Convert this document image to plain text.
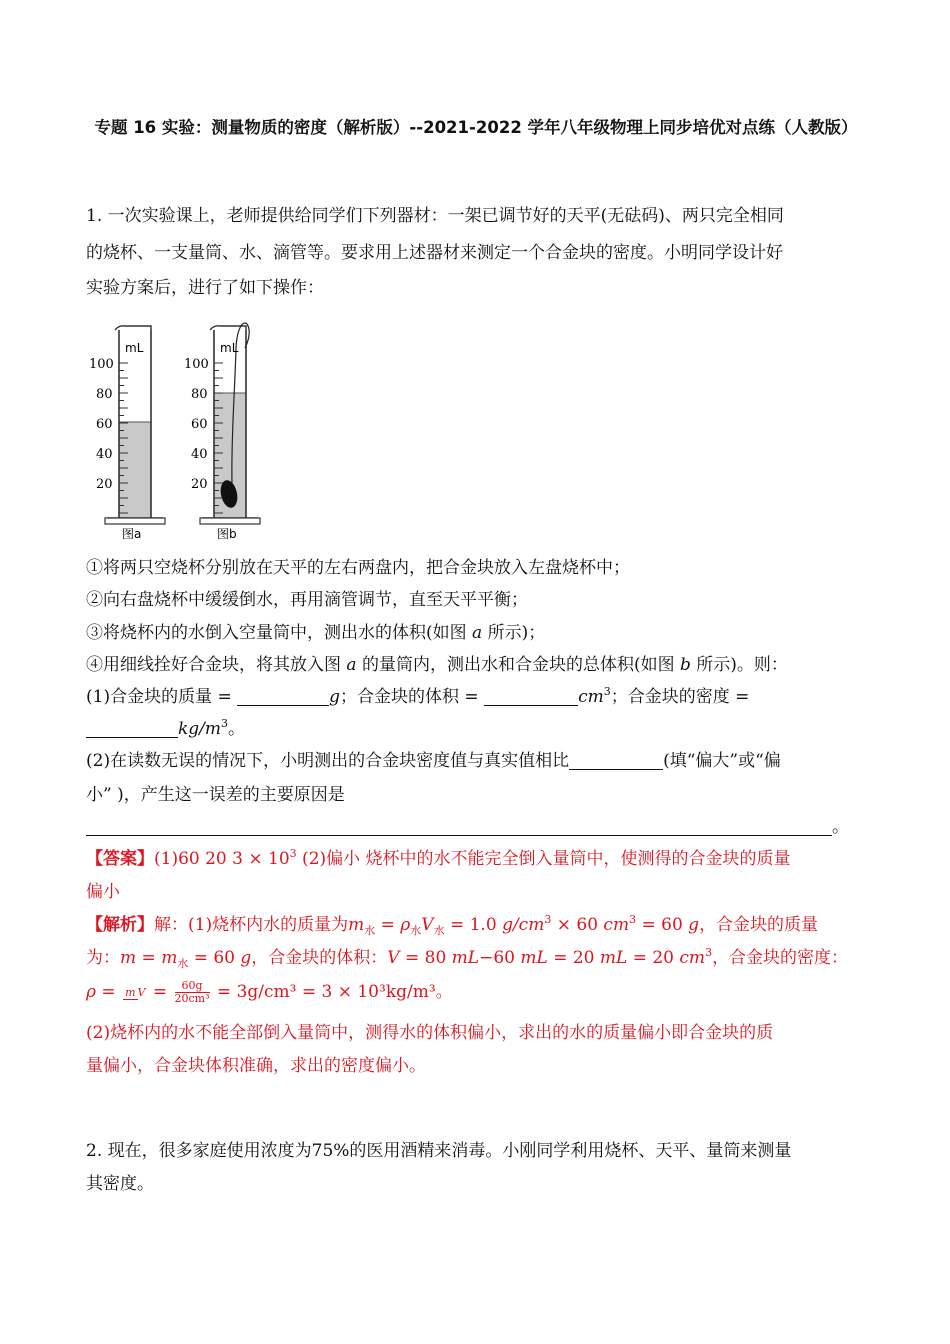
专题 16 实验：测量物质的密度（解析版）--2021-2022 学年八年级物理上同步培优对点练（人教版）
1. 一次实验课上，老师提供给同学们下列器材：一架已调节好的天平(无砝码)、两只完全相同
的烧杯、一支量筒、水、滴管等。要求用上述器材来测定一个合金块的密度。小明同学设计好
实验方案后，进行了如下操作：
mL
100
80
60
40
20
图a
mL
100
80
60
40
20
图b
①将两只空烧杯分别放在天平的左右两盘内，把合金块放入左盘烧杯中；
②向右盘烧杯中缓缓倒水，再用滴管调节，直至天平平衡；
③将烧杯内的水倒入空量筒中，测出水的体积(如图 a 所示)；
④用细线拴好合金块，将其放入图 a 的量筒内，测出水和合金块的总体积(如图 b 所示)。则：
(1)合金块的质量 =	g；合金块的体积 =	$cm^3$；合金块的密度 =
$kg/m^3$。
(2)在读数无误的情况下，小明测出的合金块密度值与真实值相比	(填“偏大”或“偏
小” )，产生这一误差的主要原因是
。
【答案】(1)60 20 $3 \times 10^3$ (2)偏小 烧杯中的水不能完全倒入量筒中，使测得的合金块的质量
偏小
【解析】解：(1)烧杯内水的质量为$m_水 = \rho_水V_水 = 1.0$ $g/cm^3 \times 60$ $cm^3 = 60$ g，合金块的质量
为：$m = m_水 = 60$ g，合金块的体积：V = 80 mL−60 mL = 20 mL = 20 $cm^3$，合金块的密度：
ρ = m $V = \frac{60g}{\text{20cm³}} = 3g/cm^3 = 3 \times 10^3kg/m^3$。
(2)烧杯内的水不能全部倒入量筒中，测得水的体积偏小，求出的水的质量偏小即合金块的质
量偏小，合金块体积准确，求出的密度偏小。
2. 现在，很多家庭使用浓度为75%的医用酒精来消毒。小刚同学利用烧杯、天平、量筒来测量
其密度。
